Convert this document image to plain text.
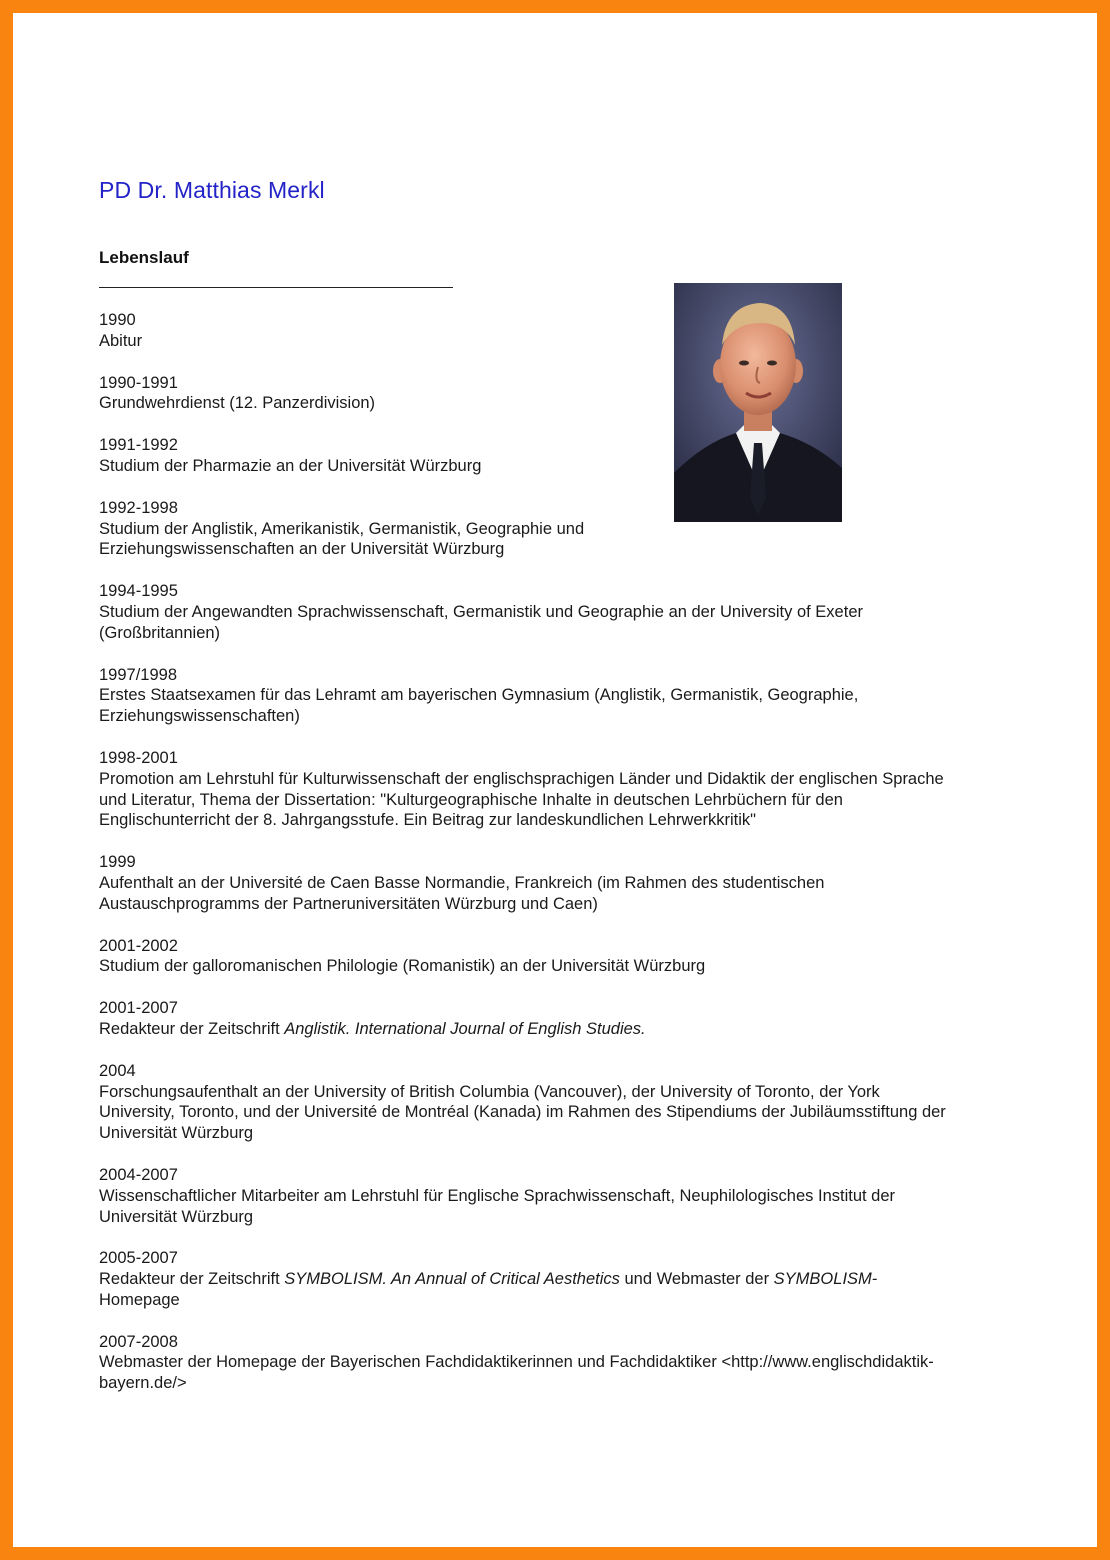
PD Dr. Matthias Merkl
Lebenslauf
1990
Abitur
1990-1991
Grundwehrdienst (12. Panzerdivision)
1991-1992
Studium der Pharmazie an der Universität Würzburg
1992-1998
Studium der Anglistik, Amerikanistik, Germanistik, Geographie und
Erziehungswissenschaften an der Universität Würzburg
1994-1995
Studium der Angewandten Sprachwissenschaft, Germanistik und Geographie an der University of Exeter
(Großbritannien)
1997/1998
Erstes Staatsexamen für das Lehramt am bayerischen Gymnasium (Anglistik, Germanistik, Geographie,
Erziehungswissenschaften)
1998-2001
Promotion am Lehrstuhl für Kulturwissenschaft der englischsprachigen Länder und Didaktik der englischen Sprache
und Literatur, Thema der Dissertation: "Kulturgeographische Inhalte in deutschen Lehrbüchern für den
Englischunterricht der 8. Jahrgangsstufe. Ein Beitrag zur landeskundlichen Lehrwerkkritik"
1999
Aufenthalt an der Université de Caen Basse Normandie, Frankreich (im Rahmen des studentischen
Austauschprogramms der Partneruniversitäten Würzburg und Caen)
2001-2002
Studium der galloromanischen Philologie (Romanistik) an der Universität Würzburg
2001-2007
Redakteur der Zeitschrift Anglistik. International Journal of English Studies.
2004
Forschungsaufenthalt an der University of British Columbia (Vancouver), der University of Toronto, der York
University, Toronto, und der Université de Montréal (Kanada) im Rahmen des Stipendiums der Jubiläumsstiftung der
Universität Würzburg
2004-2007
Wissenschaftlicher Mitarbeiter am Lehrstuhl für Englische Sprachwissenschaft, Neuphilologisches Institut der
Universität Würzburg
2005-2007
Redakteur der Zeitschrift SYMBOLISM. An Annual of Critical Aesthetics und Webmaster der SYMBOLISM-
Homepage
2007-2008
Webmaster der Homepage der Bayerischen Fachdidaktikerinnen und Fachdidaktiker <http://www.englischdidaktik-
bayern.de/>
